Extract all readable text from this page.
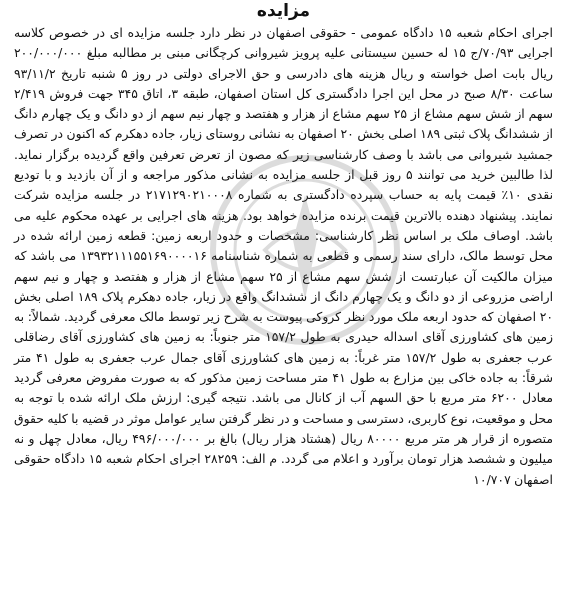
مزایده
اجرای احکام شعبه ۱۵ دادگاه عمومی - حقوقی اصفهان در نظر دارد جلسه مزایده ای در خصوص کلاسه اجرایی ۷۰/۹۳/ج ۱۵ له حسین سیستانی علیه پرویز شیروانی کرچگانی مبنی بر مطالبه مبلغ ۲۰۰/۰۰۰/۰۰۰ ریال بابت اصل خواسته و ریال هزینه های دادرسی و حق الاجرای دولتی در روز ۵ شنبه تاریخ ۹۳/۱۱/۲ ساعت ۸/۳۰ صبح در محل این اجرا دادگستری کل استان اصفهان، طبقه ۳، اتاق ۳۴۵ جهت فروش ۲/۴۱۹ سهم از شش سهم مشاع از ۲۵ سهم مشاع از هزار و هفتصد و چهار نیم سهم از دو دانگ و یک چهارم دانگ از ششدانگ پلاک ثبتی ۱۸۹ اصلی بخش ۲۰ اصفهان به نشانی روستای زیار، جاده دهکرم که اکنون در تصرف جمشید شیروانی می باشد با وصف کارشناسی زیر که مصون از تعرض تعرفین واقع گردیده برگزار نماید. لذا طالبین خرید می توانند ۵ روز قبل از جلسه مزایده به نشانی مذکور مراجعه و از آن بازدید و با تودیع نقدی ۱۰٪ قیمت پایه به حساب سپرده دادگستری به شماره ۲۱۷۱۲۹۰۲۱۰۰۰۸ در جلسه مزایده شرکت نمایند. پیشنهاد دهنده بالاترین قیمت برنده مزایده خواهد بود. هزینه های اجرایی بر عهده محکوم علیه می باشد. اوصاف ملک بر اساس نظر کارشناسی: مشخصات و حدود اربعه زمین: قطعه زمین ارائه شده در محل توسط مالک، دارای سند رسمی و قطعی به شماره شناسنامه ۱۳۹۳۲۱۱۱۵۵۱۶۹۰۰۰۰۱۶ می باشد که میزان مالکیت آن عبارتست از شش سهم مشاع از ۲۵ سهم مشاع از هزار و هفتصد و چهار و نیم سهم اراضی مزروعی از دو دانگ و یک چهارم دانگ از ششدانگ واقع در زیار، جاده دهکرم پلاک ۱۸۹ اصلی بخش ۲۰ اصفهان که حدود اربعه ملک مورد نظر کروکی پیوست به شرح زیر توسط مالک معرفی گردید. شمالاً: به زمین های کشاورزی آقای اسداله حیدری به طول ۱۵۷/۲ متر جنوباً: به زمین های کشاورزی آقای رضاقلی عرب جعفری به طول ۱۵۷/۲ متر غرباً: به زمین های کشاورزی آقای جمال عرب جعفری به طول ۴۱ متر شرقاً: به جاده خاکی بین مزارع به طول ۴۱ متر مساحت زمین مذکور که به صورت مفروض معرفی گردید معادل ۶۲۰۰ متر مربع با حق السهم آب از کانال می باشد. نتیجه گیری: ارزش ملک ارائه شده با توجه به محل و موقعیت، نوع کاربری، دسترسی و مساحت و در نظر گرفتن سایر عوامل موثر در قضیه با کلیه حقوق متصوره از قرار هر متر مربع ۸۰۰۰۰ ریال (هشتاد هزار ریال) بالغ بر ۴۹۶/۰۰۰/۰۰۰ ریال، معادل چهل و نه میلیون و ششصد هزار تومان برآورد و اعلام می گردد. م الف: ۲۸۲۵۹ اجرای احکام شعبه ۱۵ دادگاه حقوقی اصفهان ۱۰/۷۰۷
